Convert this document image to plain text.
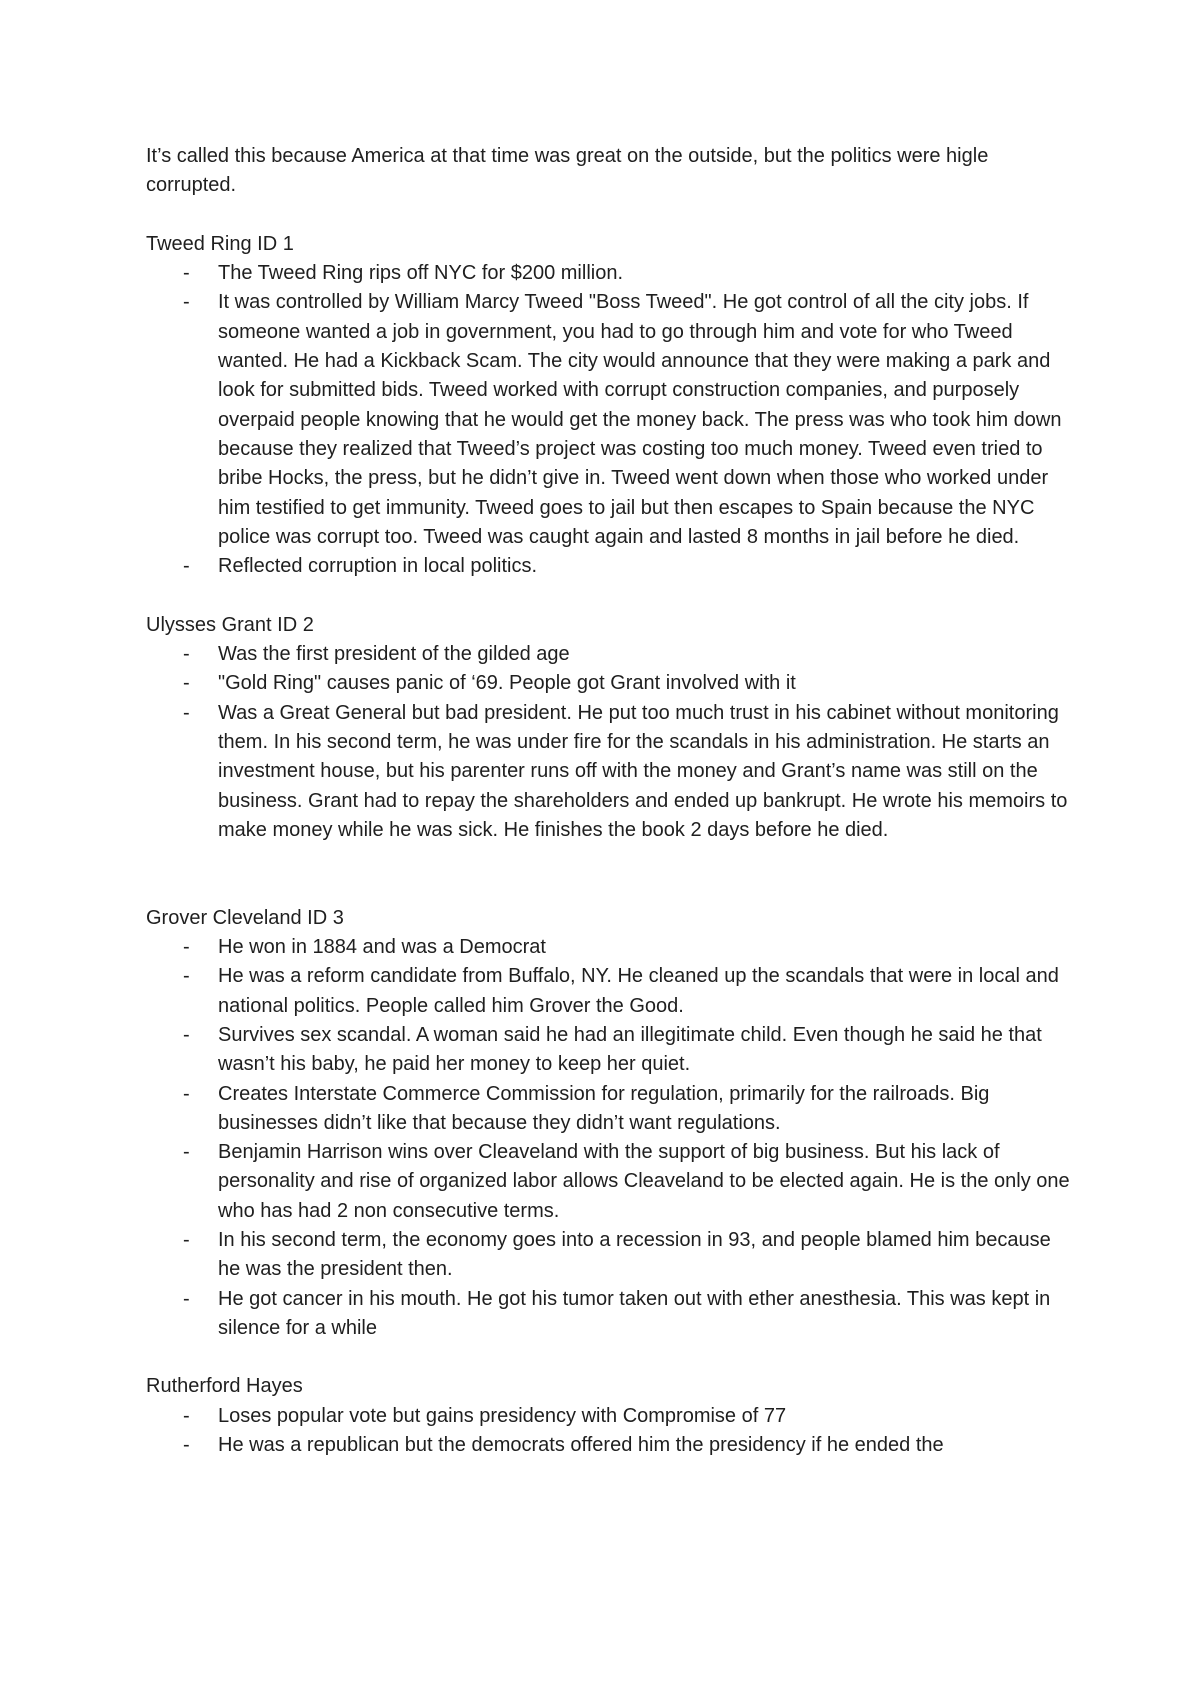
It’s called this because America at that time was great on the outside, but the politics were higle corrupted.

Tweed Ring ID 1

- The Tweed Ring rips off NYC for $200 million.
- It was controlled by William Marcy Tweed "Boss Tweed". He got control of all the city jobs. If someone wanted a job in government, you had to go through him and vote for who Tweed wanted. He had a Kickback Scam. The city would announce that they were making a park and look for submitted bids. Tweed worked with corrupt construction companies, and purposely overpaid people knowing that he would get the money back. The press was who took him down because they realized that Tweed’s project was costing too much money. Tweed even tried to bribe Hocks, the press, but he didn’t give in. Tweed went down when those who worked under him testified to get immunity. Tweed goes to jail but then escapes to Spain because the NYC police was corrupt too. Tweed was caught again and lasted 8 months in jail before he died.
- Reflected corruption in local politics.

Ulysses Grant ID 2

- Was the first president of the gilded age
- "Gold Ring" causes panic of ‘69. People got Grant involved with it
- Was a Great General but bad president. He put too much trust in his cabinet without monitoring them. In his second term, he was under fire for the scandals in his administration. He starts an investment house, but his parenter runs off with the money and Grant’s name was still on the business. Grant had to repay the shareholders and ended up bankrupt. He wrote his memoirs to make money while he was sick. He finishes the book 2 days before he died.

Grover Cleveland ID 3

- He won in 1884 and was a Democrat
- He was a reform candidate from Buffalo, NY. He cleaned up the scandals that were in local and national politics. People called him Grover the Good.
- Survives sex scandal. A woman said he had an illegitimate child. Even though he said he that wasn’t his baby, he paid her money to keep her quiet.
- Creates Interstate Commerce Commission for regulation, primarily for the railroads. Big businesses didn’t like that because they didn’t want regulations.
- Benjamin Harrison wins over Cleaveland with the support of big business. But his lack of personality and rise of organized labor allows Cleaveland to be elected again. He is the only one who has had 2 non consecutive terms.
- In his second term, the economy goes into a recession in 93, and people blamed him because he was the president then.
- He got cancer in his mouth. He got his tumor taken out with ether anesthesia. This was kept in silence for a while

Rutherford Hayes

- Loses popular vote but gains presidency with Compromise of 77
- He was a republican but the democrats offered him the presidency if he ended the
